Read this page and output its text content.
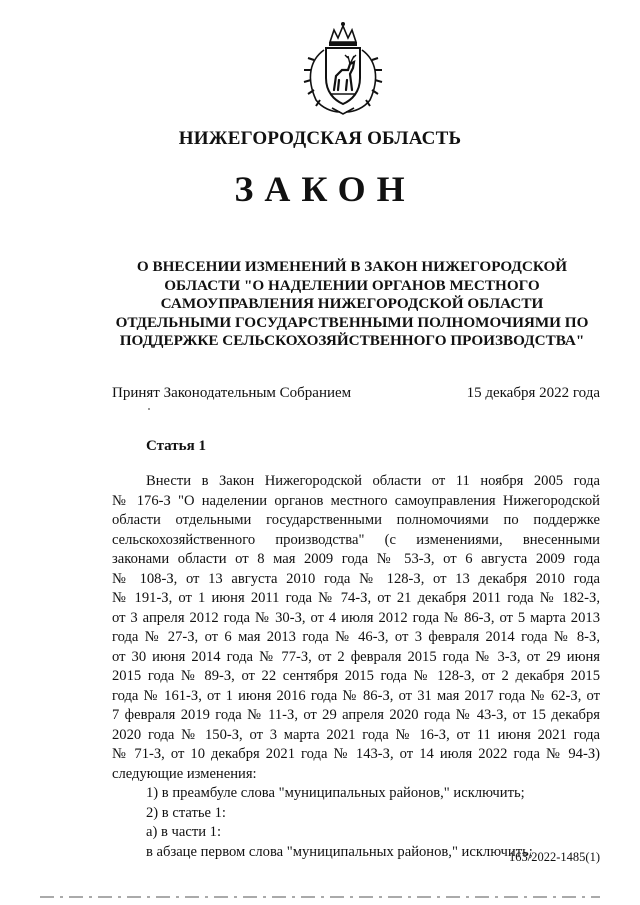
НИЖЕГОРОДСКАЯ ОБЛАСТЬ
ЗАКОН
О ВНЕСЕНИИ ИЗМЕНЕНИЙ В ЗАКОН НИЖЕГОРОДСКОЙ
ОБЛАСТИ "О НАДЕЛЕНИИ ОРГАНОВ МЕСТНОГО
САМОУПРАВЛЕНИЯ НИЖЕГОРОДСКОЙ ОБЛАСТИ
ОТДЕЛЬНЫМИ ГОСУДАРСТВЕННЫМИ ПОЛНОМОЧИЯМИ ПО
ПОДДЕРЖКЕ СЕЛЬСКОХОЗЯЙСТВЕННОГО ПРОИЗВОДСТВА"
Принят Законодательным Собранием	15 декабря 2022 года
Статья 1
Внести в Закон Нижегородской области от 11 ноября 2005 года
№ 176-З "О наделении органов местного самоуправления Нижегородской
области отдельными государственными полномочиями по поддержке
сельскохозяйственного производства" (с изменениями, внесенными
законами области от 8 мая 2009 года № 53-З, от 6 августа 2009 года
№ 108-З, от 13 августа 2010 года № 128-З, от 13 декабря 2010 года
№ 191-З, от 1 июня 2011 года № 74-З, от 21 декабря 2011 года № 182-З,
от 3 апреля 2012 года № 30-З, от 4 июля 2012 года № 86-З, от 5 марта 2013
года № 27-З, от 6 мая 2013 года № 46-З, от 3 февраля 2014 года № 8-З,
от 30 июня 2014 года № 77-З, от 2 февраля 2015 года № 3-З, от 29 июня
2015 года № 89-З, от 22 сентября 2015 года № 128-З, от 2 декабря 2015
года № 161-З, от 1 июня 2016 года № 86-З, от 31 мая 2017 года № 62-З, от
7 февраля 2019 года № 11-З, от 29 апреля 2020 года № 43-З, от 15 декабря
2020 года № 150-З, от 3 марта 2021 года № 16-З, от 11 июня 2021 года
№ 71-З, от 10 декабря 2021 года № 143-З, от 14 июля 2022 года № 94-З)
следующие изменения:
1) в преамбуле слова "муниципальных районов," исключить;
2) в статье 1:
а) в части 1:
в абзаце первом слова "муниципальных районов," исключить;
163/2022-1485(1)
